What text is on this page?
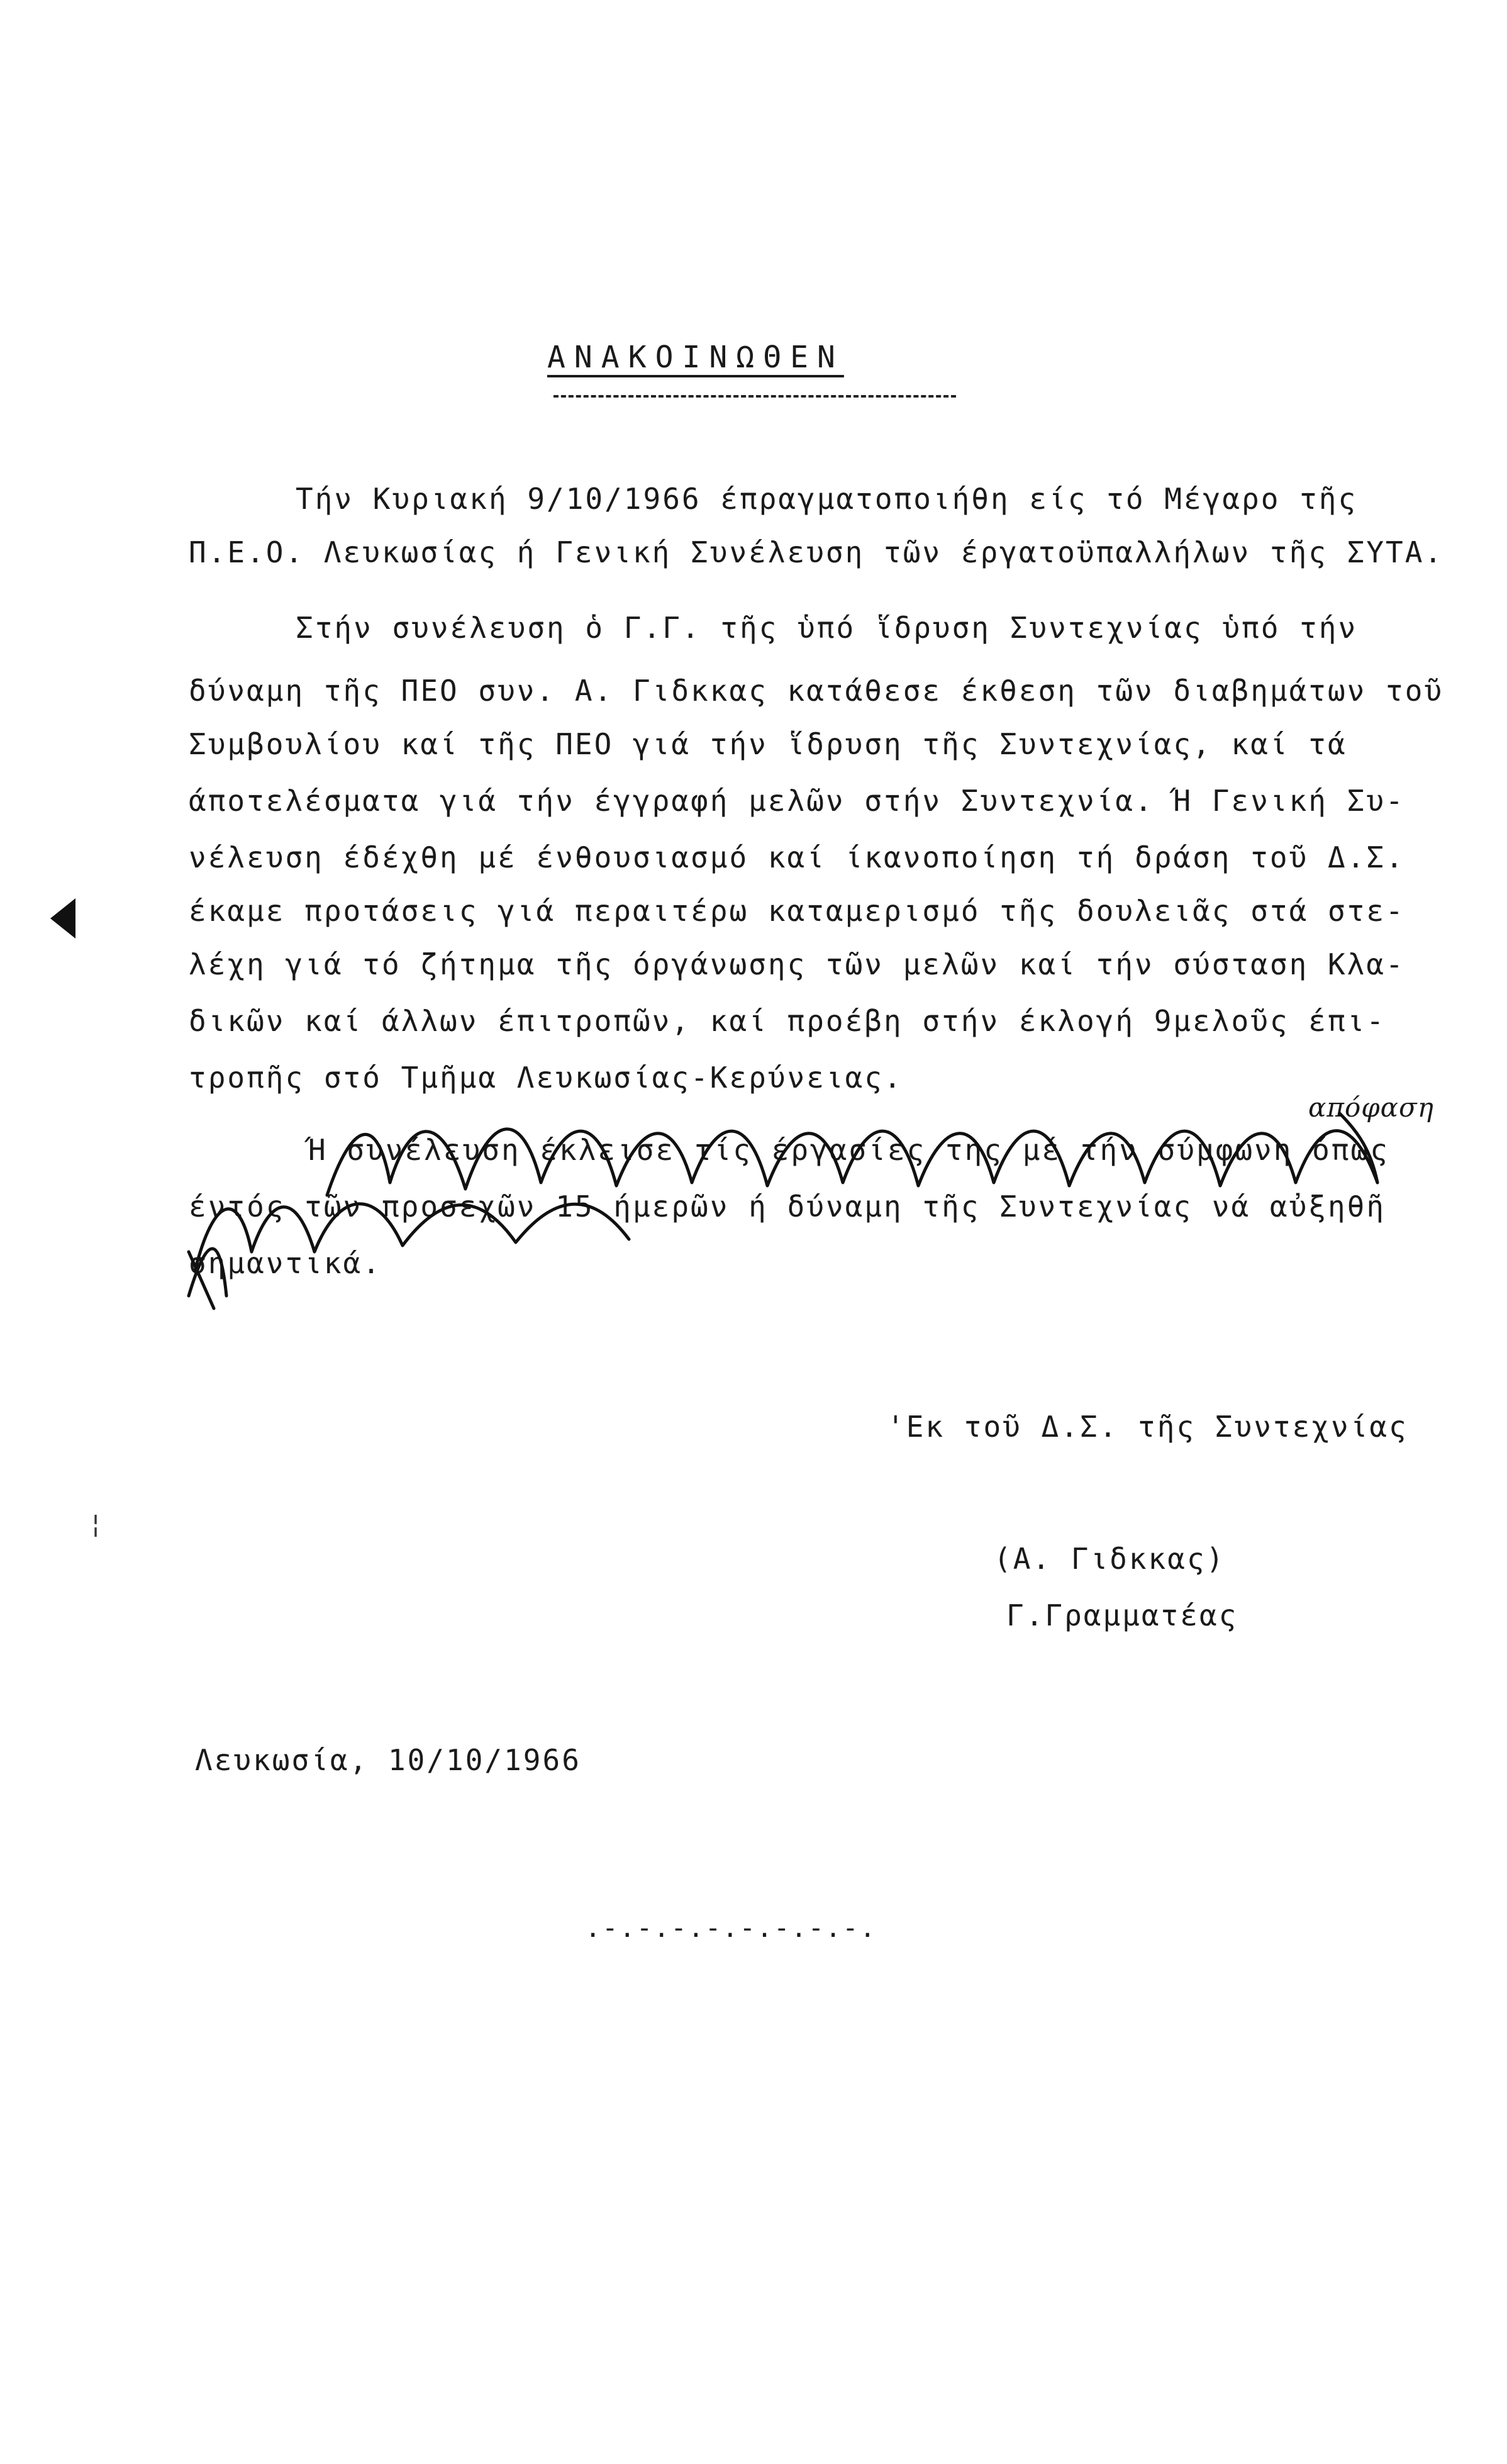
ΑΝΑΚΟΙΝΩΘΕΝ
Τήν Κυριακή 9/10/1966 έπραγματοποιήθη είς τό Μέγαρο τῆς
Π.Ε.Ο. Λευκωσίας ή Γενική Συνέλευση τῶν έργατοϋπαλλήλων τῆς ΣΥΤΑ.
Στήν συνέλευση ὁ Γ.Γ. τῆς ὑπό ἵδρυση Συντεχνίας ὑπό τήν
δύναμη τῆς ΠΕΟ συν. Α. Γιδκκας κατάθεσε έκθεση τῶν διαβημάτων τοῦ
Συμβουλίου καί τῆς ΠΕΟ γιά τήν ἵδρυση τῆς Συντεχνίας, καί τά
άποτελέσματα γιά τήν έγγραφή μελῶν στήν Συντεχνία. Ή Γενική Συ-
νέλευση έδέχθη μέ ένθουσιασμό καί ίκανοποίηση τή δράση τοῦ Δ.Σ.
έκαμε προτάσεις γιά περαιτέρω καταμερισμό τῆς δουλειᾶς στά στε-
λέχη γιά τό ζήτημα τῆς όργάνωσης τῶν μελῶν καί τήν σύσταση Κλα-
δικῶν καί άλλων έπιτροπῶν, καί προέβη στήν έκλογή 9μελοῦς έπι-
τροπῆς στό Τμῆμα Λευκωσίας-Κερύνειας.
απόφαση
Ή συνέλευση έκλεισε τίς έργασίες της μέ τήν σύμφωνη όπως
έντός τῶν προσεχῶν 15 ήμερῶν ή δύναμη τῆς Συντεχνίας νά αὐξηθῆ
σημαντικά.
'Εκ τοῦ Δ.Σ. τῆς Συντεχνίας
(Α. Γιδκκας)
Γ.Γραμματέας
Λευκωσία, 10/10/1966
.-.-.-.-.-.-.-.-.
¦
